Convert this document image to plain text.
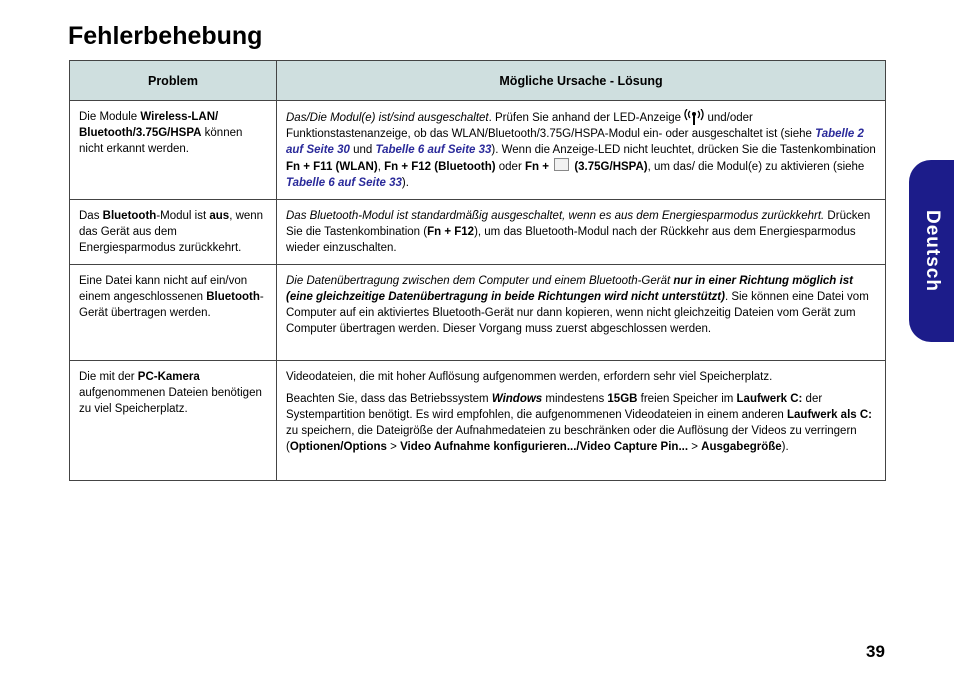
Fehlerbehebung
Deutsch
Problem	Mögliche Ursache - Lösung
Die Module Wireless-LAN/ Bluetooth/3.75G/HSPA können nicht erkannt werden.	Das/Die Modul(e) ist/sind ausgeschaltet. Prüfen Sie anhand der LED-Anzeige  und/oder Funktionstastenanzeige, ob das WLAN/Bluetooth/3.75G/HSPA-Modul ein- oder ausgeschaltet ist (siehe Tabelle 2 auf Seite 30 und Tabelle 6 auf Seite 33). Wenn die Anzeige-LED nicht leuchtet, drücken Sie die Tastenkombination Fn + F11 (WLAN), Fn + F12 (Bluetooth) oder Fn +  (3.75G/HSPA), um das/ die Modul(e) zu aktivieren (siehe Tabelle 6 auf Seite 33).
Das Bluetooth-Modul ist aus, wenn das Gerät aus dem Energiesparmodus zurückkehrt.	Das Bluetooth-Modul ist standardmäßig ausgeschaltet, wenn es aus dem Energiesparmodus zurückkehrt. Drücken Sie die Tastenkombination (Fn + F12), um das Bluetooth-Modul nach der Rückkehr aus dem Energiesparmodus wieder einzuschalten.
Eine Datei kann nicht auf ein/von einem angeschlossenen Bluetooth-Gerät übertragen werden.	Die Datenübertragung zwischen dem Computer und einem Bluetooth-Gerät nur in einer Richtung möglich ist (eine gleichzeitige Datenübertragung in beide Richtungen wird nicht unterstützt). Sie können eine Datei vom Computer auf ein aktiviertes Bluetooth-Gerät nur dann kopieren, wenn nicht gleichzeitig Dateien vom Gerät zum Computer übertragen werden. Dieser Vorgang muss zuerst abgeschlossen werden.
Die mit der PC-Kamera aufgenommenen Dateien benötigen zu viel Speicherplatz.	Videodateien, die mit hoher Auflösung aufgenommen werden, erfordern sehr viel Speicherplatz.

Beachten Sie, dass das Betriebssystem Windows mindestens 15GB freien Speicher im Laufwerk C: der Systempartition benötigt. Es wird empfohlen, die aufgenommenen Videodateien in einem anderen Laufwerk als C: zu speichern, die Dateigröße der Aufnahmedateien zu beschränken oder die Auflösung der Videos zu verringern (Optionen/Options > Video Aufnahme konfigurieren.../Video Capture Pin... > Ausgabegröße).

39
